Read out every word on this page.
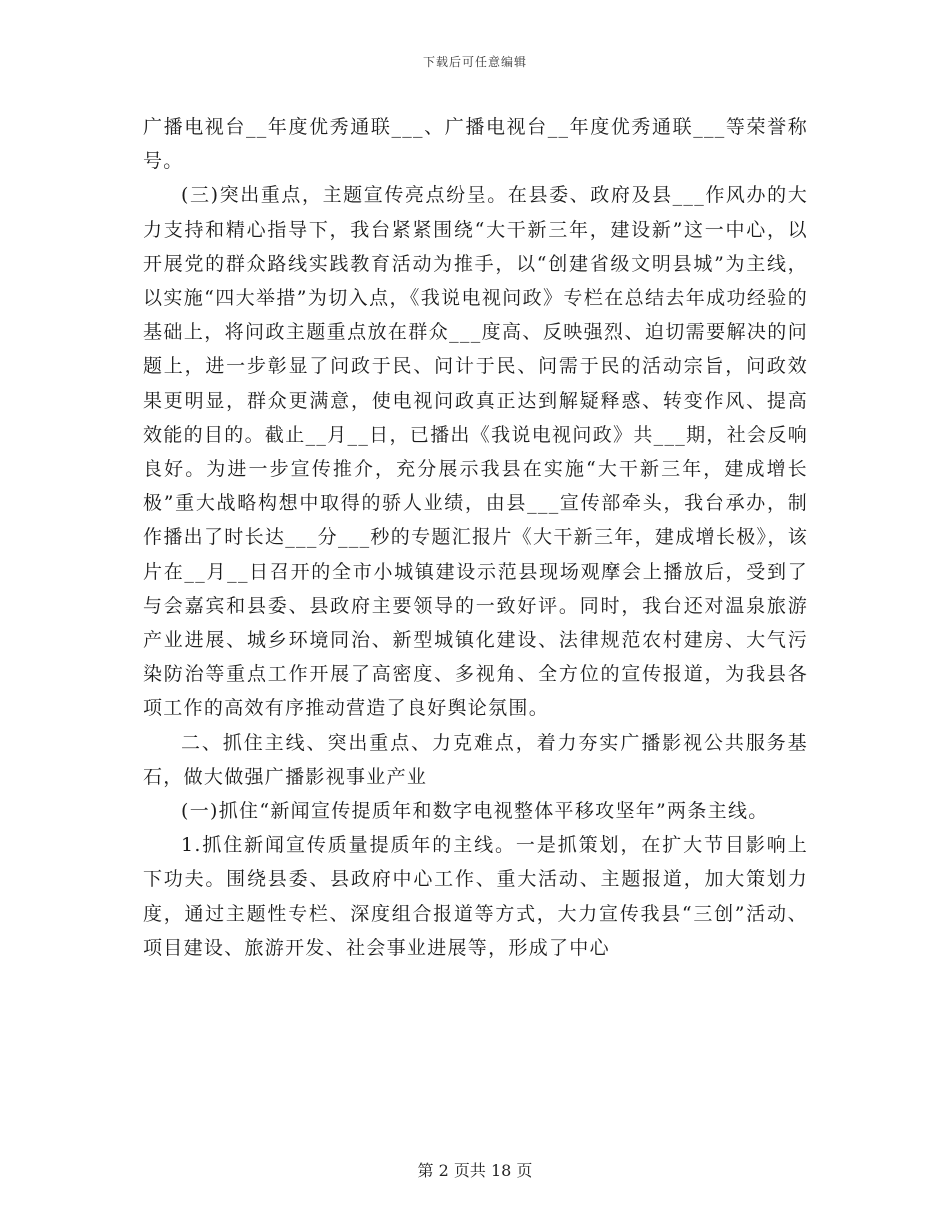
下载后可任意编辑

广播电视台__年度优秀通联___、广播电视台__年度优秀通联___等荣誉称号。

(三)突出重点，主题宣传亮点纷呈。在县委、政府及县___作风办的大力支持和精心指导下，我台紧紧围绕“大干新三年，建设新”这一中心，以开展党的群众路线实践教育活动为推手，以“创建省级文明县城”为主线，以实施“四大举措”为切入点，《我说电视问政》专栏在总结去年成功经验的基础上，将问政主题重点放在群众___度高、反映强烈、迫切需要解决的问题上，进一步彰显了问政于民、问计于民、问需于民的活动宗旨，问政效果更明显，群众更满意，使电视问政真正达到解疑释惑、转变作风、提高效能的目的。截止__月__日，已播出《我说电视问政》共___期，社会反响良好。为进一步宣传推介，充分展示我县在实施“大干新三年，建成增长极”重大战略构想中取得的骄人业绩，由县___宣传部牵头，我台承办，制作播出了时长达___分___秒的专题汇报片《大干新三年，建成增长极》，该片在__月__日召开的全市小城镇建设示范县现场观摩会上播放后，受到了与会嘉宾和县委、县政府主要领导的一致好评。同时，我台还对温泉旅游产业进展、城乡环境同治、新型城镇化建设、法律规范农村建房、大气污染防治等重点工作开展了高密度、多视角、全方位的宣传报道，为我县各项工作的高效有序推动营造了良好舆论氛围。

二、抓住主线、突出重点、力克难点，着力夯实广播影视公共服务基石，做大做强广播影视事业产业

(一)抓住“新闻宣传提质年和数字电视整体平移攻坚年”两条主线。

1.抓住新闻宣传质量提质年的主线。一是抓策划，在扩大节目影响上下功夫。围绕县委、县政府中心工作、重大活动、主题报道，加大策划力度，通过主题性专栏、深度组合报道等方式，大力宣传我县“三创”活动、项目建设、旅游开发、社会事业进展等，形成了中心

第 2 页共 18 页
